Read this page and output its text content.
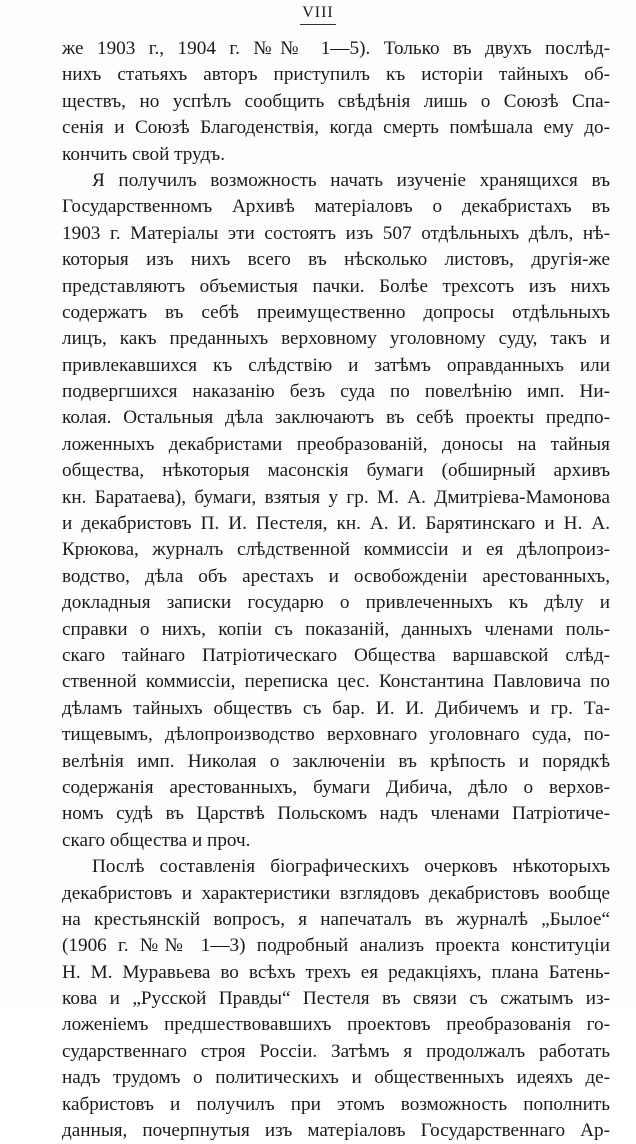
VIII
же 1903 г., 1904 г. №№ 1—5). Только въ двухъ послѣд-
нихъ статьяхъ авторъ приступилъ къ исторіи тайныхъ об-
ществъ, но успѣлъ сообщить свѣдѣнія лишь о Союзѣ Спа-
сенія и Союзѣ Благоденствія, когда смерть помѣшала ему до-
кончить свой трудъ.
Я получилъ возможность начать изученіе хранящихся въ
Государственномъ Архивѣ матеріаловъ о декабристахъ въ
1903 г. Матеріалы эти состоятъ изъ 507 отдѣльныхъ дѣлъ, нѣ-
которыя изъ нихъ всего въ нѣсколько листовъ, другія-же
представляютъ объемистыя пачки. Болѣе трехсотъ изъ нихъ
содержатъ въ себѣ преимущественно допросы отдѣльныхъ
лицъ, какъ преданныхъ верховному уголовному суду, такъ и
привлекавшихся къ слѣдствію и затѣмъ оправданныхъ или
подвергшихся наказанію безъ суда по повелѣнію имп. Ни-
колая. Остальныя дѣла заключаютъ въ себѣ проекты предпо-
ложенныхъ декабристами преобразованій, доносы на тайныя
общества, нѣкоторыя масонскія бумаги (обширный архивъ
кн. Баратаева), бумаги, взятыя у гр. М. А. Дмитріева-Мамонова
и декабристовъ П. И. Пестеля, кн. А. И. Барятинскаго и Н. А.
Крюкова, журналъ слѣдственной коммиссіи и ея дѣлопроиз-
водство, дѣла объ арестахъ и освобожденіи арестованныхъ,
докладныя записки государю о привлеченныхъ къ дѣлу и
справки о нихъ, копіи съ показаній, данныхъ членами поль-
скаго тайнаго Патріотическаго Общества варшавской слѣд-
ственной коммиссіи, переписка цес. Константина Павловича по
дѣламъ тайныхъ обществъ съ бар. И. И. Дибичемъ и гр. Та-
тищевымъ, дѣлопроизводство верховнаго уголовнаго суда, по-
велѣнія имп. Николая о заключеніи въ крѣпость и порядкѣ
содержанія арестованныхъ, бумаги Дибича, дѣло о верхов-
номъ судѣ въ Царствѣ Польскомъ надъ членами Патріотиче-
скаго общества и проч.
Послѣ составленія біографическихъ очерковъ нѣкоторыхъ
декабристовъ и характеристики взглядовъ декабристовъ вообще
на крестьянскій вопросъ, я напечаталъ въ журналѣ „Былое“
(1906 г. №№ 1—3) подробный анализъ проекта конституціи
Н. М. Муравьева во всѣхъ трехъ ея редакціяхъ, плана Батень-
кова и „Русской Правды“ Пестеля въ связи съ сжатымъ из-
ложеніемъ предшествовавшихъ проектовъ преобразованія го-
сударственнаго строя Россіи. Затѣмъ я продолжалъ работать
надъ трудомъ о политическихъ и общественныхъ идеяхъ де-
кабристовъ и получилъ при этомъ возможность пополнить
данныя, почерпнутыя изъ матеріаловъ Государственнаго Ар-
